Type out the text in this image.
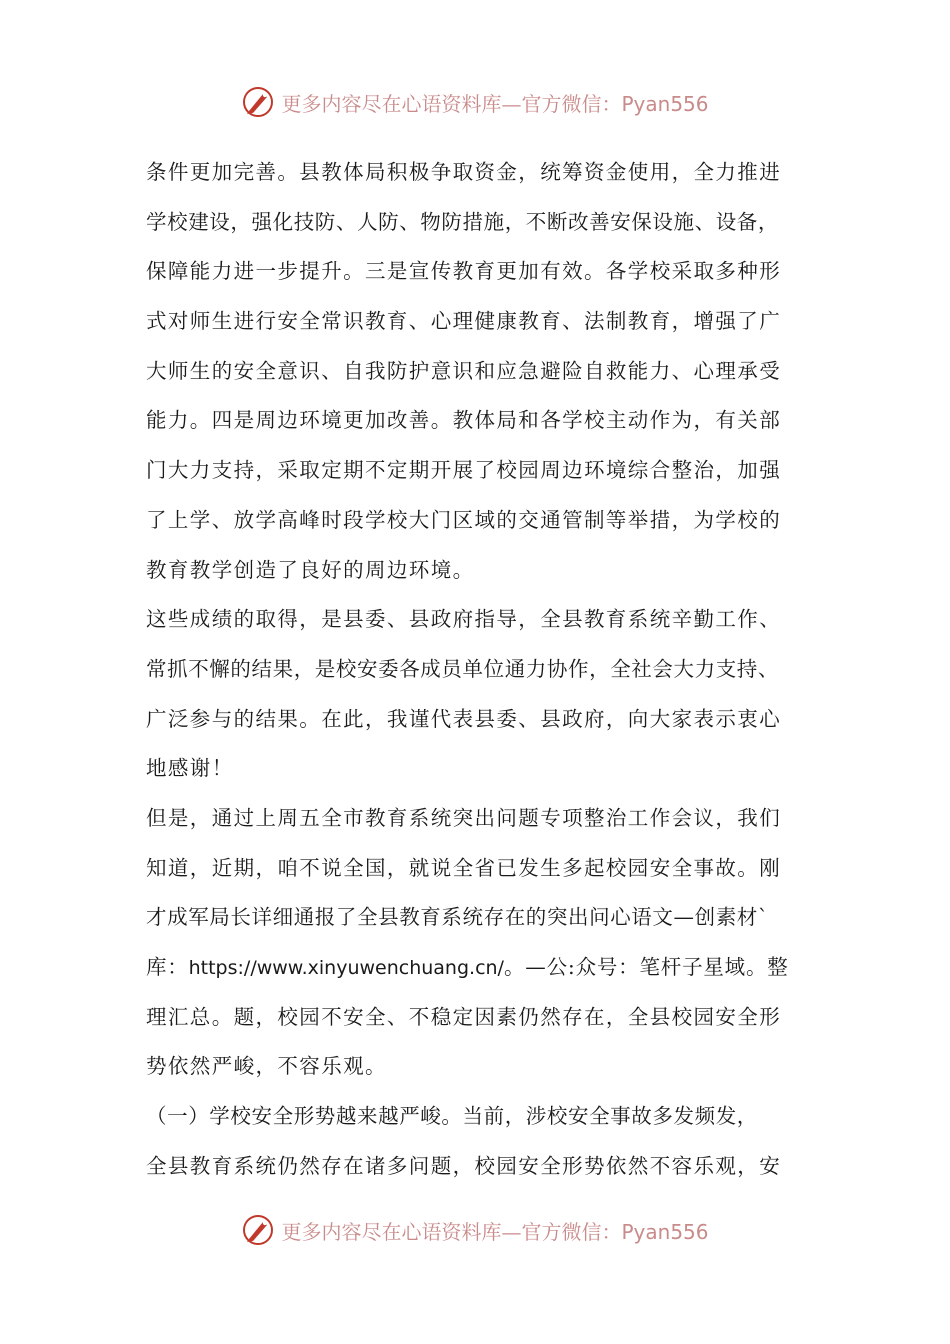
更多内容尽在心语资料库—官方微信：Pyan556
条件更加完善。县教体局积极争取资金，统筹资金使用，全力推进
学校建设，强化技防、人防、物防措施，不断改善安保设施、设备，
保障能力进一步提升。三是宣传教育更加有效。各学校采取多种形
式对师生进行安全常识教育、心理健康教育、法制教育，增强了广
大师生的安全意识、自我防护意识和应急避险自救能力、心理承受
能力。四是周边环境更加改善。教体局和各学校主动作为，有关部
门大力支持，采取定期不定期开展了校园周边环境综合整治，加强
了上学、放学高峰时段学校大门区域的交通管制等举措，为学校的
教育教学创造了良好的周边环境。
这些成绩的取得，是县委、县政府指导，全县教育系统辛勤工作、
常抓不懈的结果，是校安委各成员单位通力协作，全社会大力支持、
广泛参与的结果。在此，我谨代表县委、县政府，向大家表示衷心
地感谢！
但是，通过上周五全市教育系统突出问题专项整治工作会议，我们
知道，近期，咱不说全国，就说全省已发生多起校园安全事故。刚
才成军局长详细通报了全县教育系统存在的突出问心语文—创素材`
库：https://www.xinyuwenchuang.cn/。—公:众号：笔杆子星域。整
理汇总。题，校园不安全、不稳定因素仍然存在，全县校园安全形
势依然严峻，不容乐观。
（一）学校安全形势越来越严峻。当前，涉校安全事故多发频发，
全县教育系统仍然存在诸多问题，校园安全形势依然不容乐观，安
更多内容尽在心语资料库—官方微信：Pyan556
